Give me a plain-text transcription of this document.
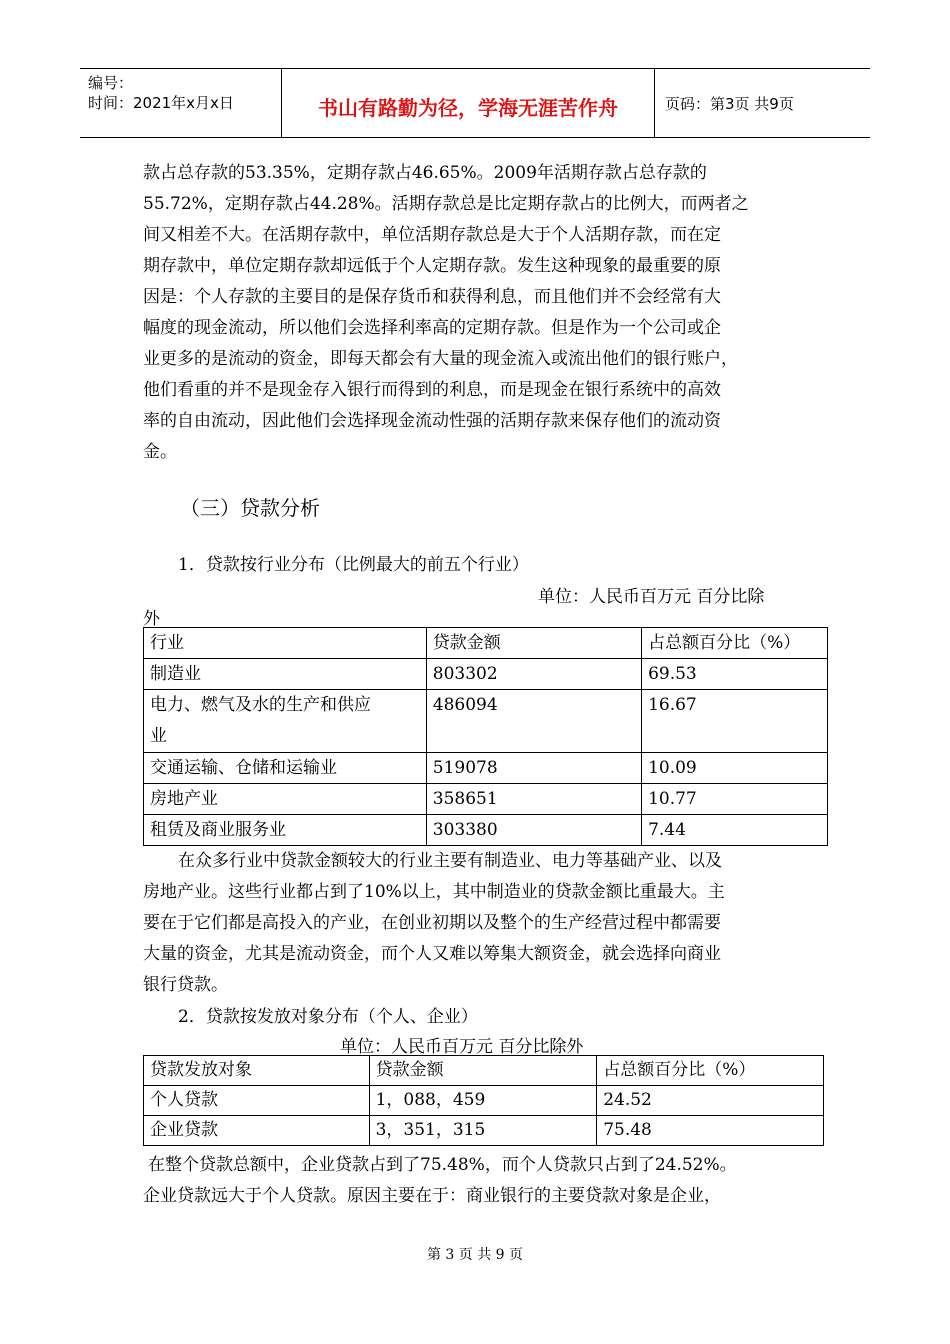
编号：
时间：2021年x月x日	书山有路勤为径，学海无涯苦作舟	页码：第3页 共9页
款占总存款的53.35%，定期存款占46.65%。2009年活期存款占总存款的
55.72%，定期存款占44.28%。活期存款总是比定期存款占的比例大，而两者之
间又相差不大。在活期存款中，单位活期存款总是大于个人活期存款，而在定
期存款中，单位定期存款却远低于个人定期存款。发生这种现象的最重要的原
因是：个人存款的主要目的是保存货币和获得利息，而且他们并不会经常有大
幅度的现金流动，所以他们会选择利率高的定期存款。但是作为一个公司或企
业更多的是流动的资金，即每天都会有大量的现金流入或流出他们的银行账户，
他们看重的并不是现金存入银行而得到的利息，而是现金在银行系统中的高效
率的自由流动，因此他们会选择现金流动性强的活期存款来保存他们的流动资
金。
（三）贷款分析
1．贷款按行业分布（比例最大的前五个行业）
单位：人民币百万元 百分比除
外
行业	贷款金额	占总额百分比（%）
制造业	803302	69.53

电力、燃气及水的生产和供应
业	486094	16.67
交通运输、仓储和运输业	519078	10.09
房地产业	358651	10.77
租赁及商业服务业	303380	7.44
在众多行业中贷款金额较大的行业主要有制造业、电力等基础产业、以及
房地产业。这些行业都占到了10%以上，其中制造业的贷款金额比重最大。主
要在于它们都是高投入的产业，在创业初期以及整个的生产经营过程中都需要
大量的资金，尤其是流动资金，而个人又难以筹集大额资金，就会选择向商业
银行贷款。
2．贷款按发放对象分布（个人、企业）
单位：人民币百万元 百分比除外
贷款发放对象	贷款金额	占总额百分比（%）
个人贷款	1，088，459	24.52
企业贷款	3，351，315	75.48
在整个贷款总额中，企业贷款占到了75.48%，而个人贷款只占到了24.52%。
企业贷款远大于个人贷款。原因主要在于：商业银行的主要贷款对象是企业，
第 3 页 共 9 页
